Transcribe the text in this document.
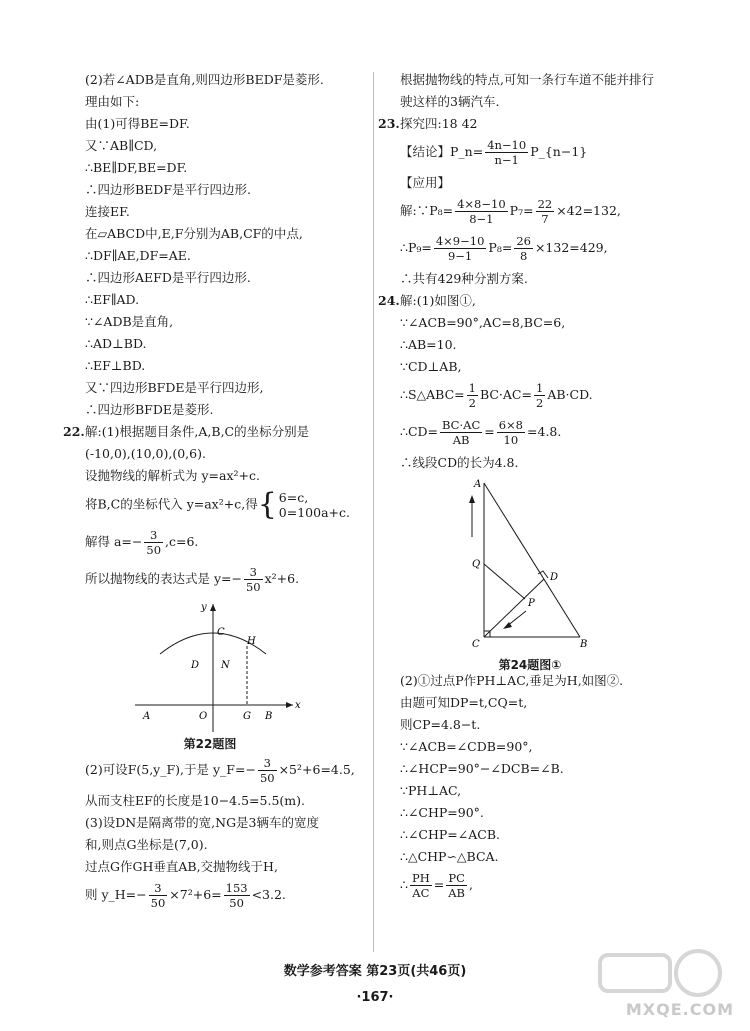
(2)若∠ADB是直角,则四边形BEDF是菱形.
理由如下:
由(1)可得BE=DF.
又∵AB∥CD,
∴BE∥DF,BE=DF.
∴四边形BEDF是平行四边形.
连接EF.
在▱ABCD中,E,F分别为AB,CF的中点,
∴DF∥AE,DF=AE.
∴四边形AEFD是平行四边形.
∴EF∥AD.
∵∠ADB是直角,
∴AD⊥BD.
∴EF⊥BD.
又∵四边形BFDE是平行四边形,
∴四边形BFDE是菱形.
22.解:(1)根据题目条件,A,B,C的坐标分别是
(-10,0),(10,0),(0,6).
设抛物线的解析式为 y=ax²+c.
将B,C的坐标代入 y=ax²+c,得{ 6=c,
0=100a+c.
解得 $a=- \frac{3}{50} ,c=6$.
所以抛物线的表达式是 $y=- \frac{3}{50} x^2+6$.
y
x
C
H
D N
A	O	G B
第22题图
(2)可设F(5,y_F),于是 y_F=− $\frac{3}{50} \times 5^2+6=4.5$,
从而支柱EF的长度是10−4.5=5.5(m).
(3)设DN是隔离带的宽,NG是3辆车的宽度
和,则点G坐标是(7,0).
过点G作GH垂直AB,交抛物线于H,
则 y_H=− $\frac{3}{50} \times 7^2+6= \frac{153}{50} <3.2$.
根据抛物线的特点,可知一条行车道不能并排行
驶这样的3辆汽车.
23.探究四:18 42
【结论】P_n= $\frac{4n-10}{n-1}$ P_{n−1}
【应用】
解:∵P₈= $\frac{4\times 8-10}{8-1} P_7= \frac{22}{7} \times 42=132$,
∴P₉= $\frac{4\times 9-10}{9-1} P_8= \frac{26}{8} \times 132=429$,
∴共有429种分割方案.
24.解:(1)如图①,
∵∠ACB=90°,AC=8,BC=6,
∴AB=10.
∵CD⊥AB,
∴S△ABC= $\frac{1}{2} BC\cdot AC= \frac{1}{2} AB\cdot CD$.
∴CD= $\frac{BC\cdot AC}{AB} = \frac{6\times 8}{10} =4.8$.
∴线段CD的长为4.8.
A
Q
D
P
C	B
第24题图①
(2)①过点P作PH⊥AC,垂足为H,如图②.
由题可知DP=t,CQ=t,
则CP=4.8−t.
∵∠ACB=∠CDB=90°,
∴∠HCP=90°−∠DCB=∠B.
∵PH⊥AC,
∴∠CHP=90°.
∴∠CHP=∠ACB.
∴△CHP∽△BCA.
∴ $\frac{PH}{AC} = \frac{PC}{AB}$ ,
数学参考答案 第23页(共46页)
·167·
MXQE.COM
